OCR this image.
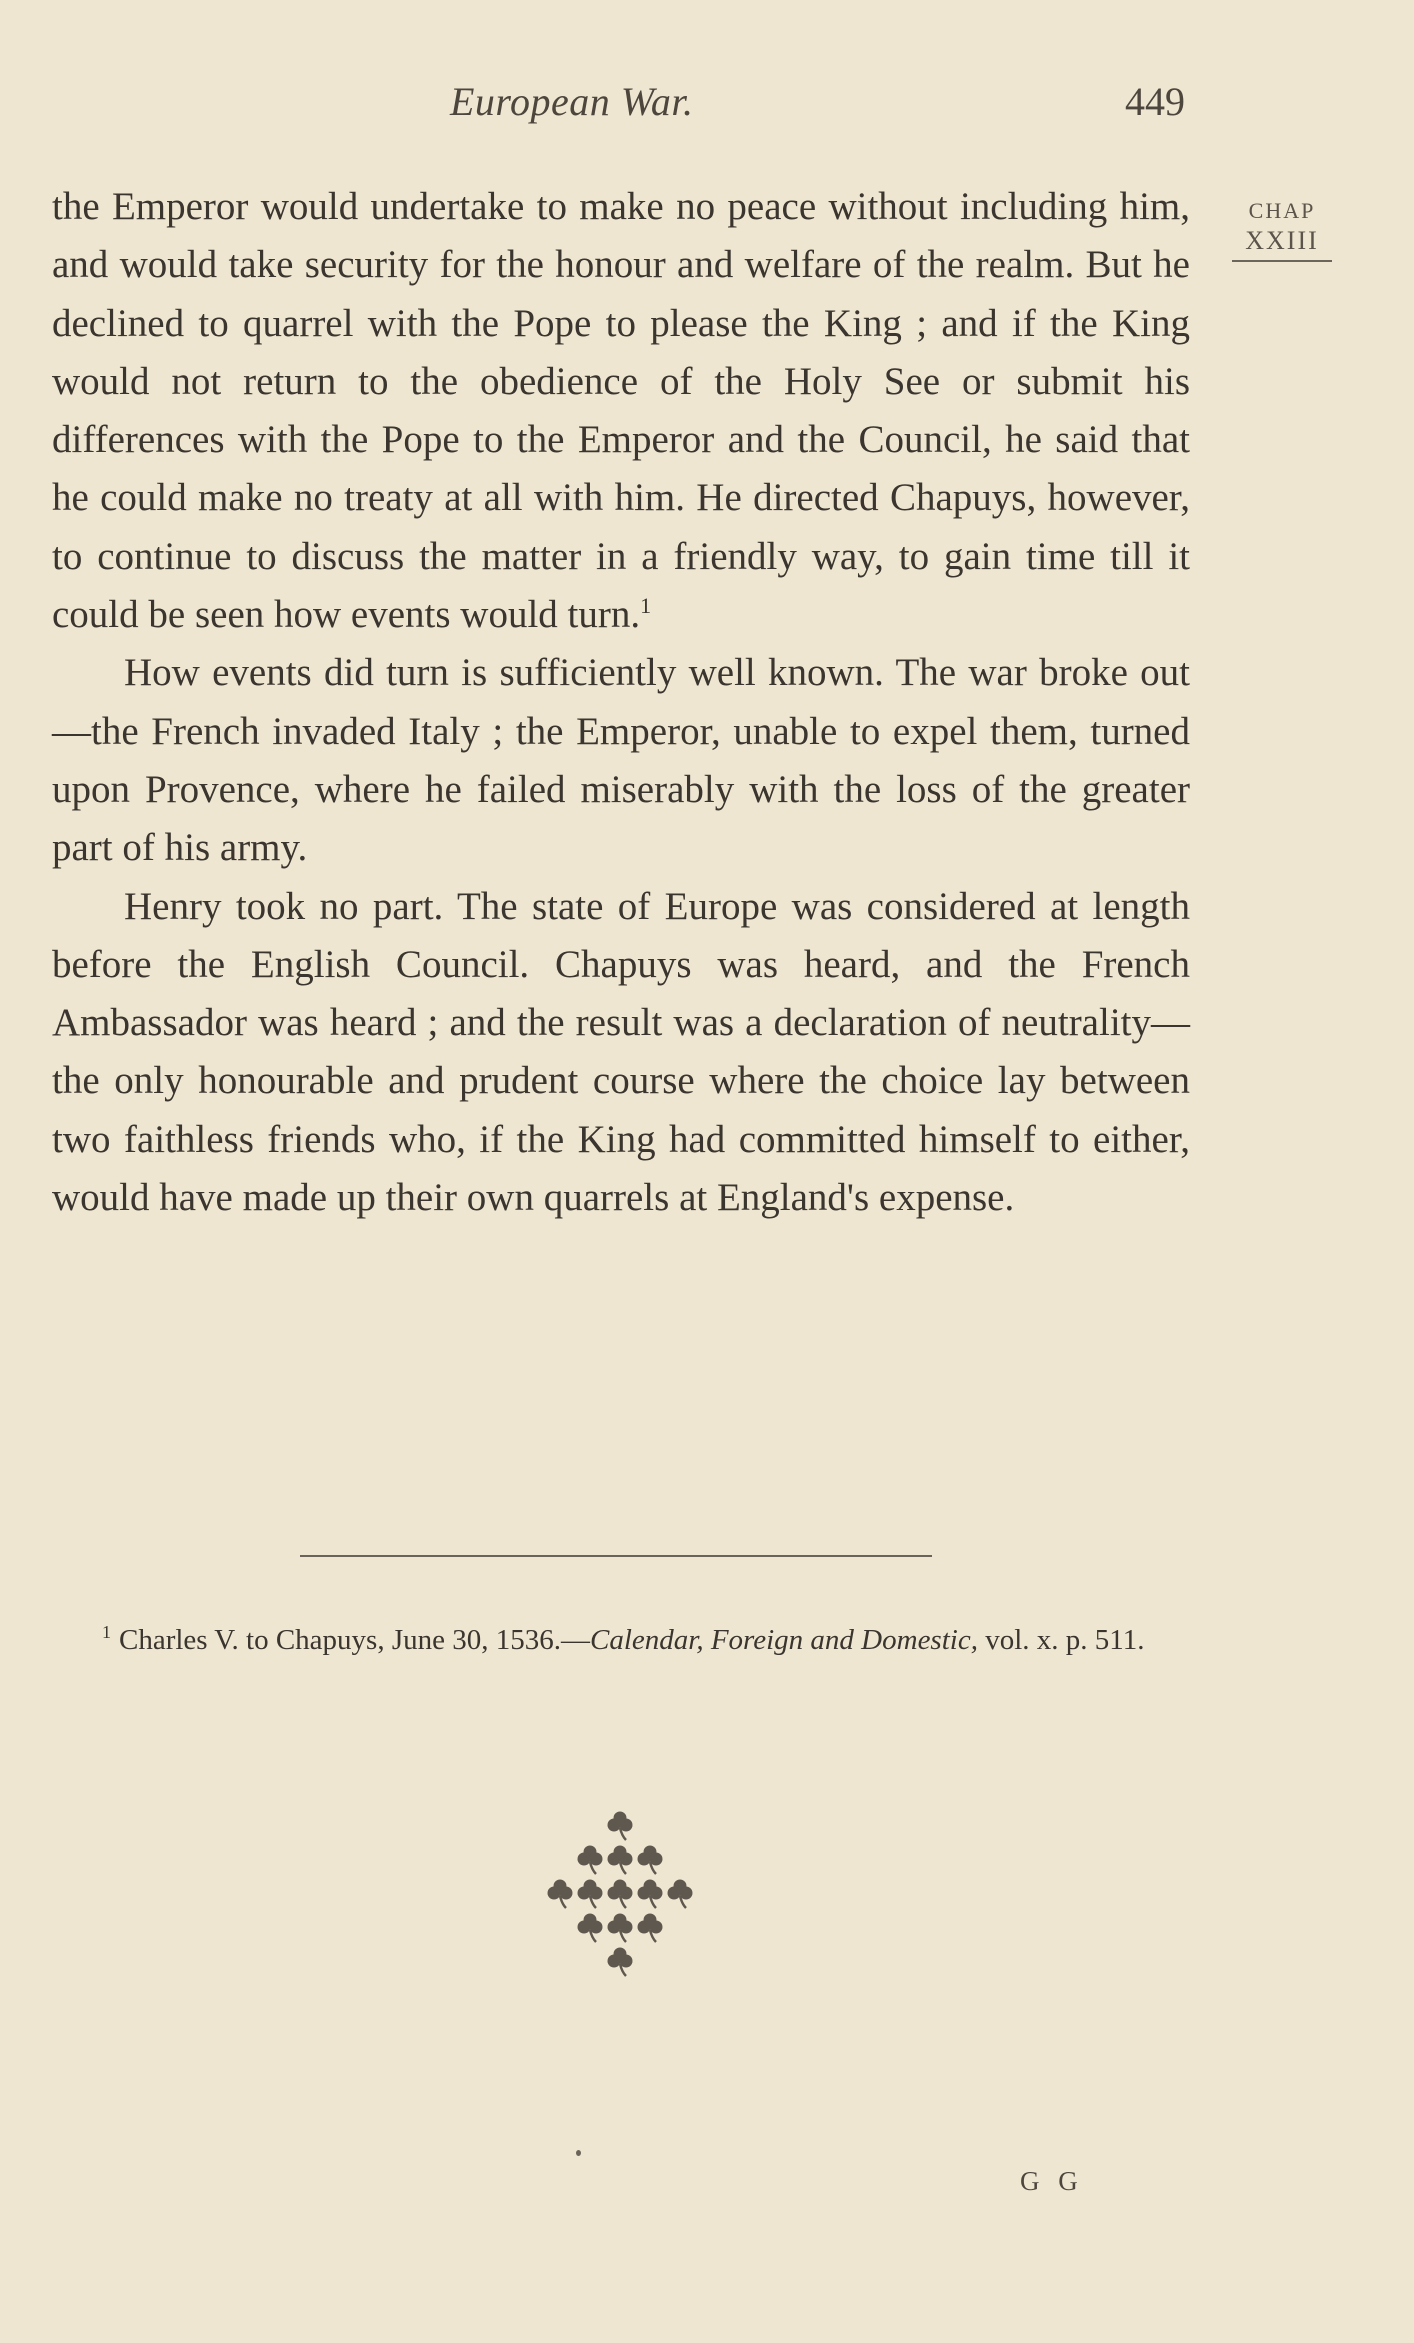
European War.	449
CHAP
XXIII

the Emperor would undertake to make no peace without including him, and would take security for the honour and welfare of the realm. But he declined to quarrel with the Pope to please the King ; and if the King would not return to the obedience of the Holy See or submit his differences with the Pope to the Emperor and the Council, he said that he could make no treaty at all with him. He directed Chapuys, however, to continue to discuss the matter in a friendly way, to gain time till it could be seen how events would turn.$^1$

How events did turn is sufficiently well known. The war broke out—the French invaded Italy ; the Emperor, unable to expel them, turned upon Provence, where he failed miserably with the loss of the greater part of his army.

Henry took no part. The state of Europe was considered at length before the English Council. Chapuys was heard, and the French Ambassador was heard ; and the result was a declaration of neutrality—the only honourable and prudent course where the choice lay between two faithless friends who, if the King had committed himself to either, would have made up their own quarrels at England's expense.

$^1$ Charles V. to Chapuys, June 30, 1536.—Calendar, Foreign and Domestic, vol. x. p. 511.

G G
